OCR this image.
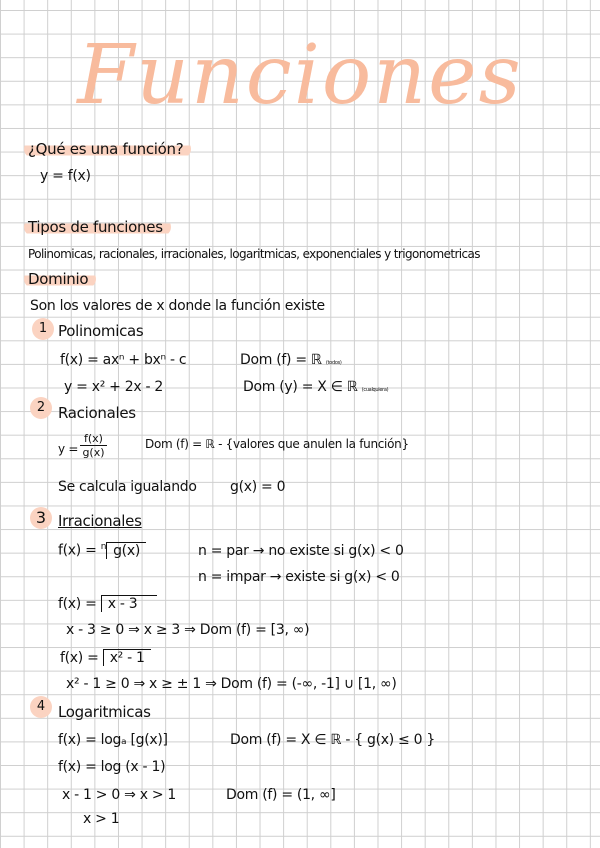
Funciones
¿Qué es una función?
y = f(x)
Tipos de funciones
Polinomicas, racionales, irracionales, logaritmicas, exponenciales y trigonometricas
Dominio
Son los valores de x donde la función existe
1 Polinomicas
f(x) = axⁿ + bxⁿ - c	Dom (f) = ℝ (todos)
y = x² + 2x - 2	Dom (y) = X ∈ ℝ (cualquiera)
2 Racionales
$y = \frac{f(x)}{g(x)}$	Dom (f) = ℝ - {valores que anulen la función}
Se calcula igualando g(x) = 0
3 Irracionales
f(x) = $^n$ g(x)	n = par → no existe si g(x) < 0
n = impar → existe si g(x) < 0
f(x) = x - 3
x - 3 ≥ 0 ⇒ x ≥ 3 ⇒ Dom (f) = [3, ∞)
f(x) = x² - 1
x² - 1 ≥ 0 ⇒ x ≥ ± 1 ⇒ Dom (f) = (-∞, -1] ∪ [1, ∞)
4 Logaritmicas
f(x) = logₐ [g(x)]	Dom (f) = X ∈ ℝ - { g(x) ≤ 0 }
f(x) = log (x - 1)
x - 1 > 0 ⇒ x > 1	Dom (f) = (1, ∞]
x > 1
